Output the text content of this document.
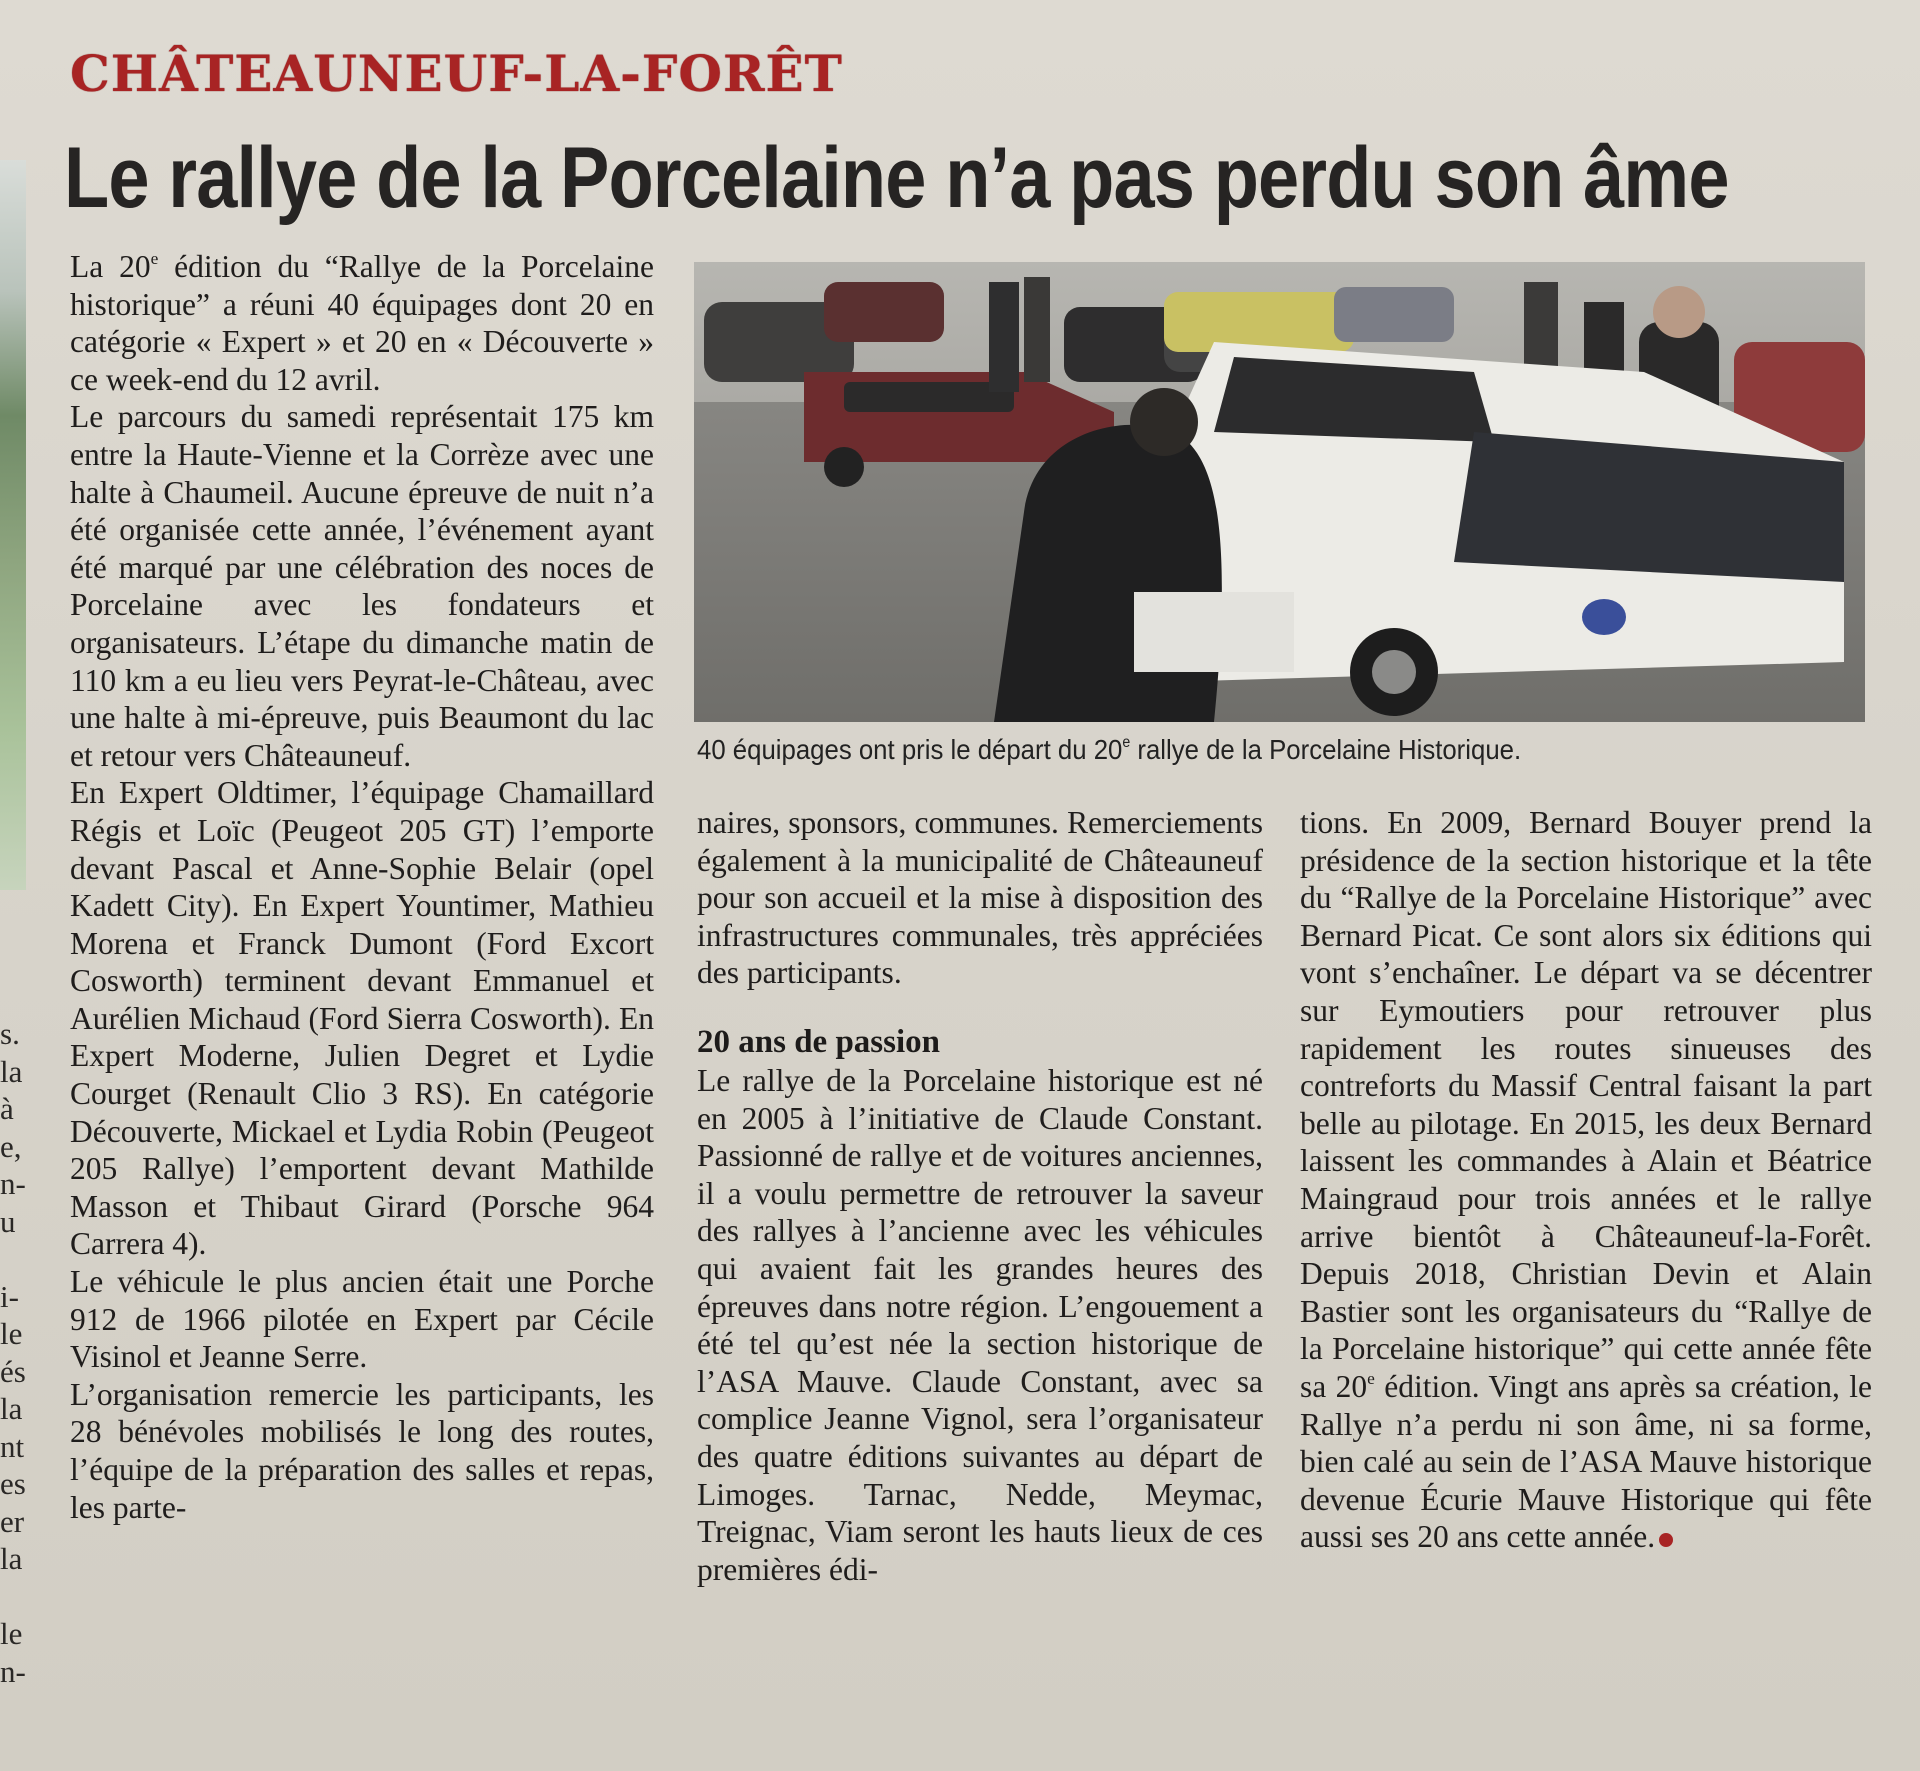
s.
la
à
e,
n-
u
i-
le
és
la
nt
es
er
la
le
n-
CHÂTEAUNEUF-LA-FORÊT
Le rallye de la Porcelaine n’a pas perdu son âme

La 20e édition du “Rallye de la Porcelaine historique” a réuni 40 équipages dont 20 en catégorie « Expert » et 20 en « Découverte » ce week-end du 12 avril.

Le parcours du samedi représentait 175 km entre la Haute-Vienne et la Corrèze avec une halte à Chaumeil. Aucune épreuve de nuit n’a été organisée cette année, l’événement ayant été marqué par une célébration des noces de Porcelaine avec les fondateurs et organisateurs. L’étape du dimanche matin de 110 km a eu lieu vers Peyrat-le-Château, avec une halte à mi-épreuve, puis Beaumont du lac et retour vers Châteauneuf.

En Expert Oldtimer, l’équipage Chamaillard Régis et Loïc (Peugeot 205 GT) l’emporte devant Pascal et Anne-Sophie Belair (opel Kadett City). En Expert Yountimer, Mathieu Morena et Franck Dumont (Ford Excort Cosworth) terminent devant Emmanuel et Aurélien Michaud (Ford Sierra Cosworth). En Expert Moderne, Julien Degret et Lydie Courget (Renault Clio 3 RS). En catégorie Découverte, Mickael et Lydia Robin (Peugeot 205 Rallye) l’emportent devant Mathilde Masson et Thibaut Girard (Porsche 964 Carrera 4).

Le véhicule le plus ancien était une Porche 912 de 1966 pilotée en Expert par Cécile Visinol et Jeanne Serre.

L’organisation remercie les participants, les 28 bénévoles mobilisés le long des routes, l’équipe de la préparation des salles et repas, les parte-

40 équipages ont pris le départ du 20e rallye de la Porcelaine Historique.

naires, sponsors, communes. Remerciements également à la municipalité de Châteauneuf pour son accueil et la mise à disposition des infrastructures communales, très appréciées des participants.

20 ans de passion

Le rallye de la Porcelaine historique est né en 2005 à l’initiative de Claude Constant. Passionné de rallye et de voitures anciennes, il a voulu permettre de retrouver la saveur des rallyes à l’ancienne avec les véhicules qui avaient fait les grandes heures des épreuves dans notre région. L’engouement a été tel qu’est née la section historique de l’ASA Mauve. Claude Constant, avec sa complice Jeanne Vignol, sera l’organisateur des quatre éditions suivantes au départ de Limoges. Tarnac, Nedde, Meymac, Treignac, Viam seront les hauts lieux de ces premières édi-

tions. En 2009, Bernard Bouyer prend la présidence de la section historique et la tête du “Rallye de la Porcelaine Historique” avec Bernard Picat. Ce sont alors six éditions qui vont s’enchaîner. Le départ va se décentrer sur Eymoutiers pour retrouver plus rapidement les routes sinueuses des contreforts du Massif Central faisant la part belle au pilotage. En 2015, les deux Bernard laissent les commandes à Alain et Béatrice Maingraud pour trois années et le rallye arrive bientôt à Châteauneuf-la-Forêt. Depuis 2018, Christian Devin et Alain Bastier sont les organisateurs du “Rallye de la Porcelaine historique” qui cette année fête sa 20e édition. Vingt ans après sa création, le Rallye n’a perdu ni son âme, ni sa forme, bien calé au sein de l’ASA Mauve historique devenue Écurie Mauve Historique qui fête aussi ses 20 ans cette année.
